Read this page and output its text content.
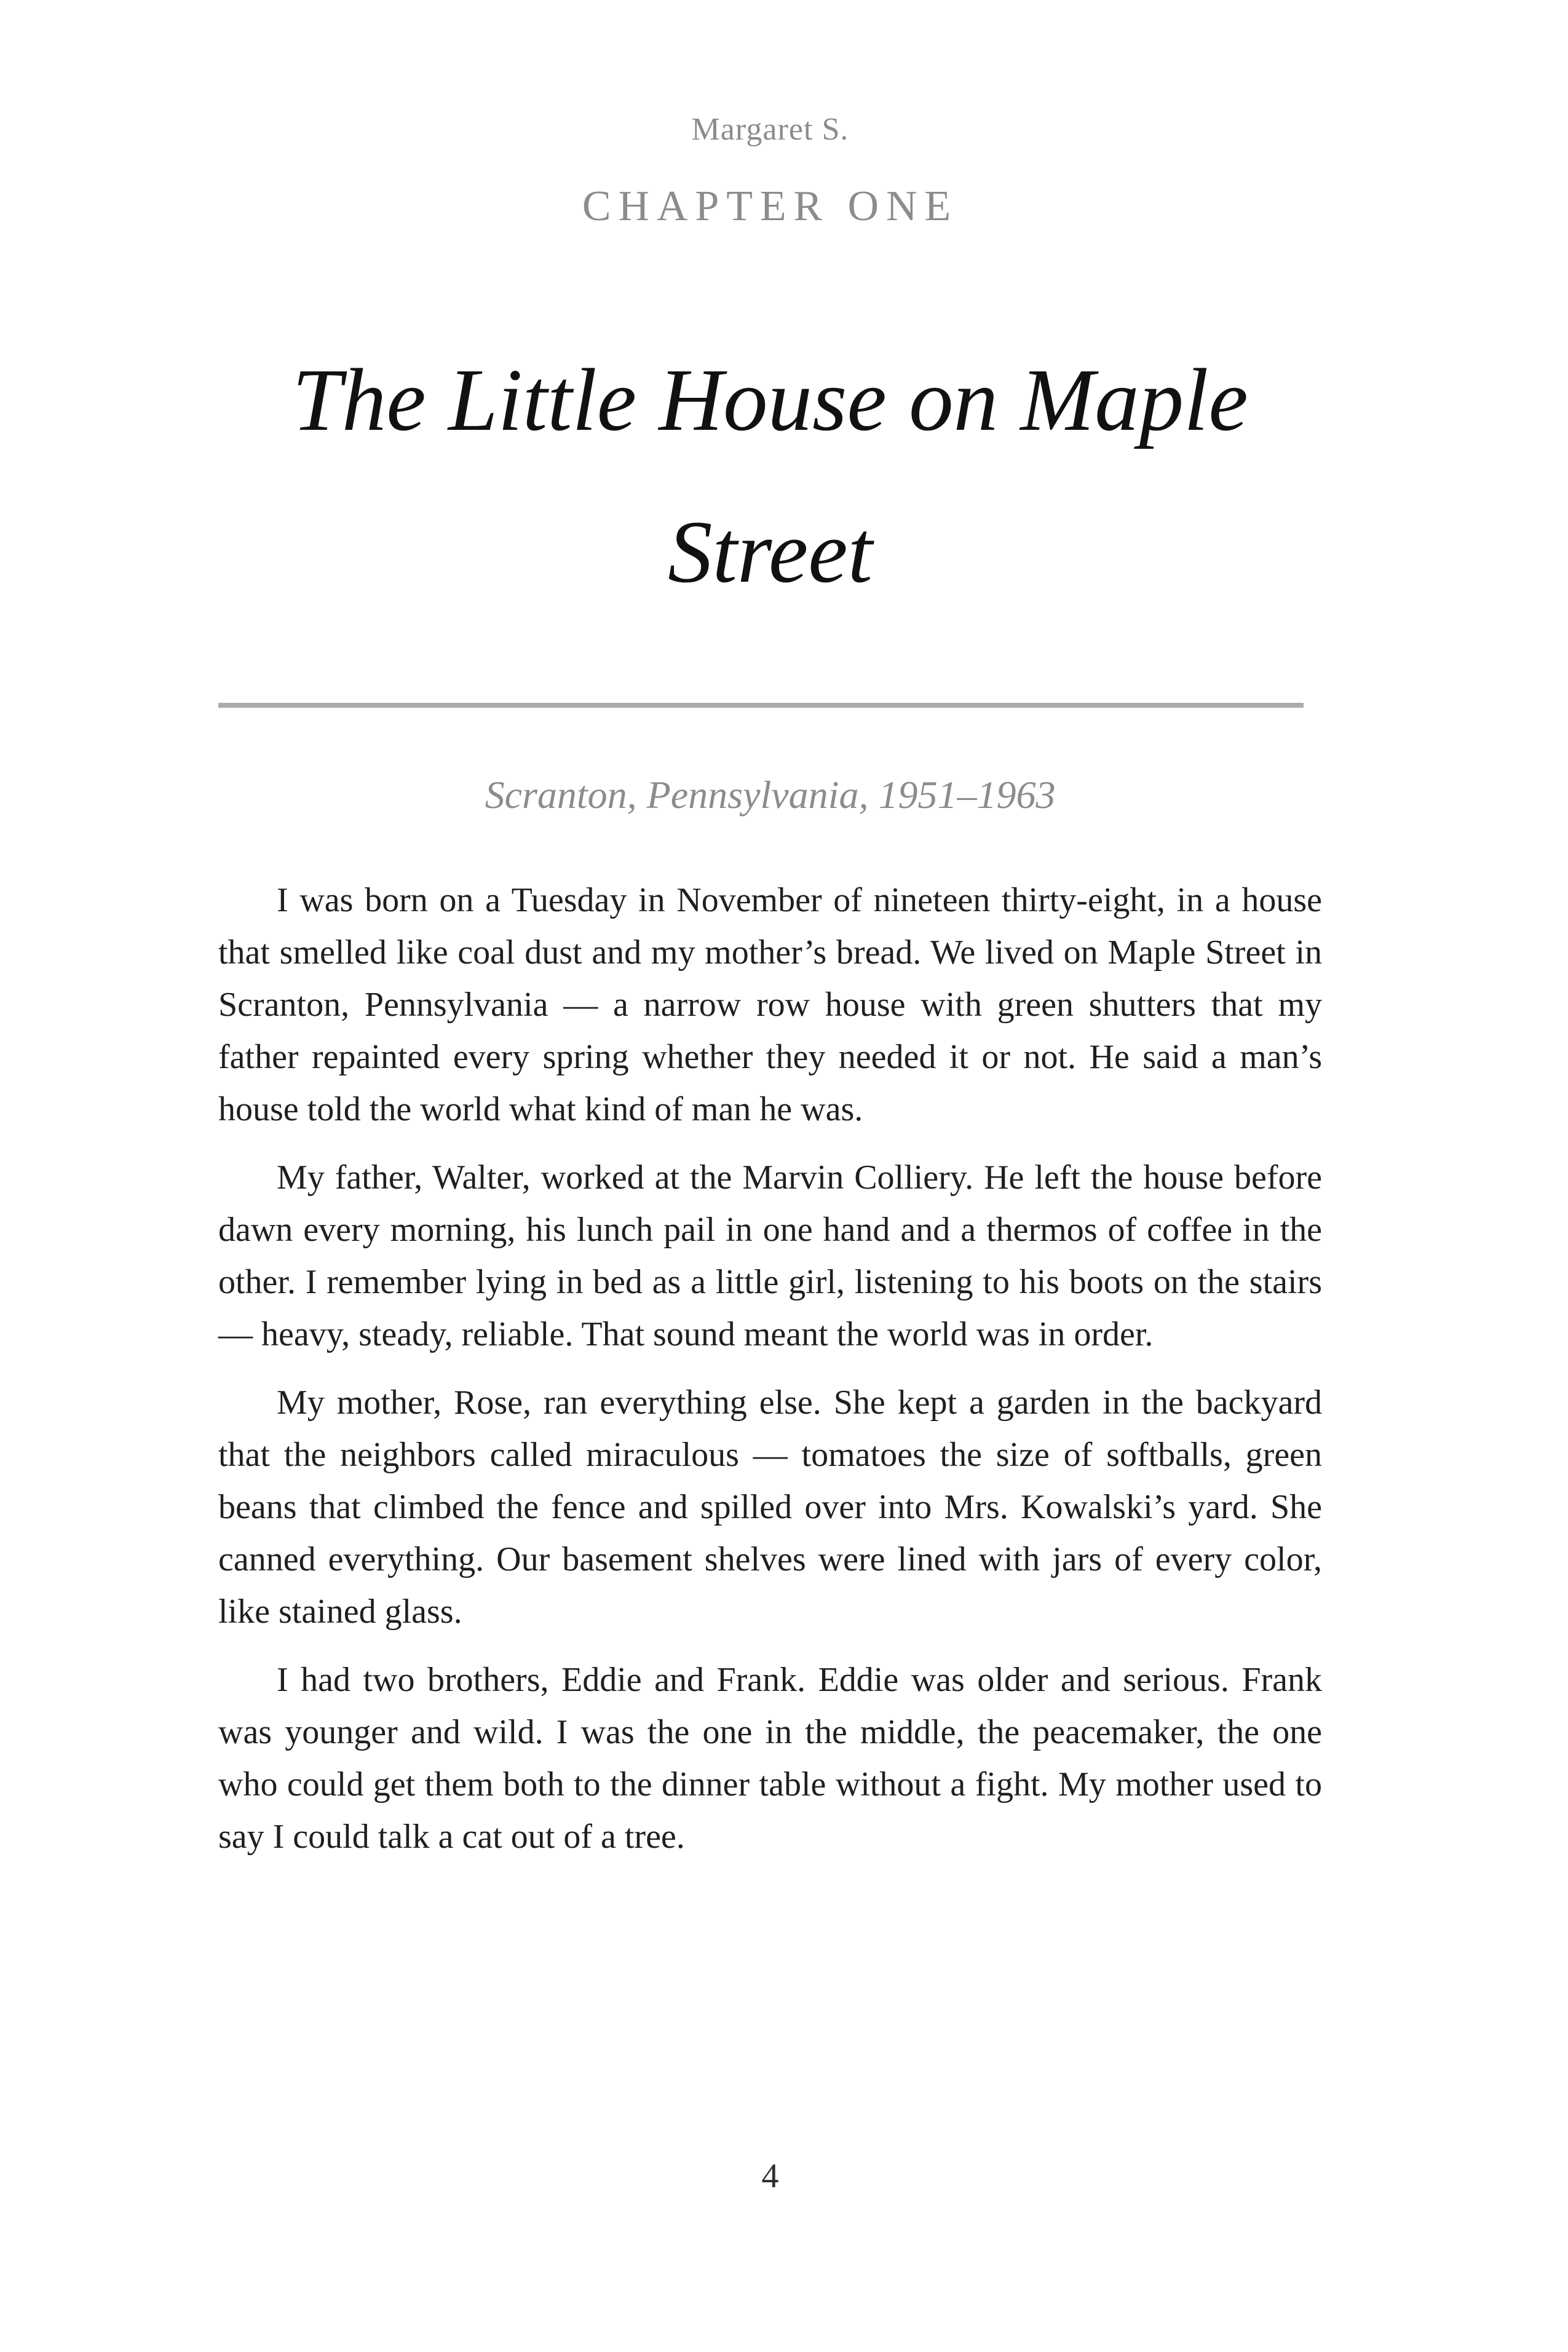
Margaret S.
CHAPTER ONE
The Little House on Maple Street
Scranton, Pennsylvania, 1951–1963

I was born on a Tuesday in November of nineteen thirty-eight, in a house that smelled like coal dust and my mother’s bread. We lived on Maple Street in Scranton, Pennsylvania — a narrow row house with green shutters that my father repainted every spring whether they needed it or not. He said a man’s house told the world what kind of man he was.

My father, Walter, worked at the Marvin Colliery. He left the house before dawn every morning, his lunch pail in one hand and a thermos of coffee in the other. I remember lying in bed as a little girl, listening to his boots on the stairs — heavy, steady, reliable. That sound meant the world was in order.

My mother, Rose, ran everything else. She kept a garden in the backyard that the neighbors called miraculous — tomatoes the size of softballs, green beans that climbed the fence and spilled over into Mrs. Kowalski’s yard. She canned everything. Our basement shelves were lined with jars of every color, like stained glass.

I had two brothers, Eddie and Frank. Eddie was older and serious. Frank was younger and wild. I was the one in the middle, the peacemaker, the one who could get them both to the dinner table without a fight. My mother used to say I could talk a cat out of a tree.

4
